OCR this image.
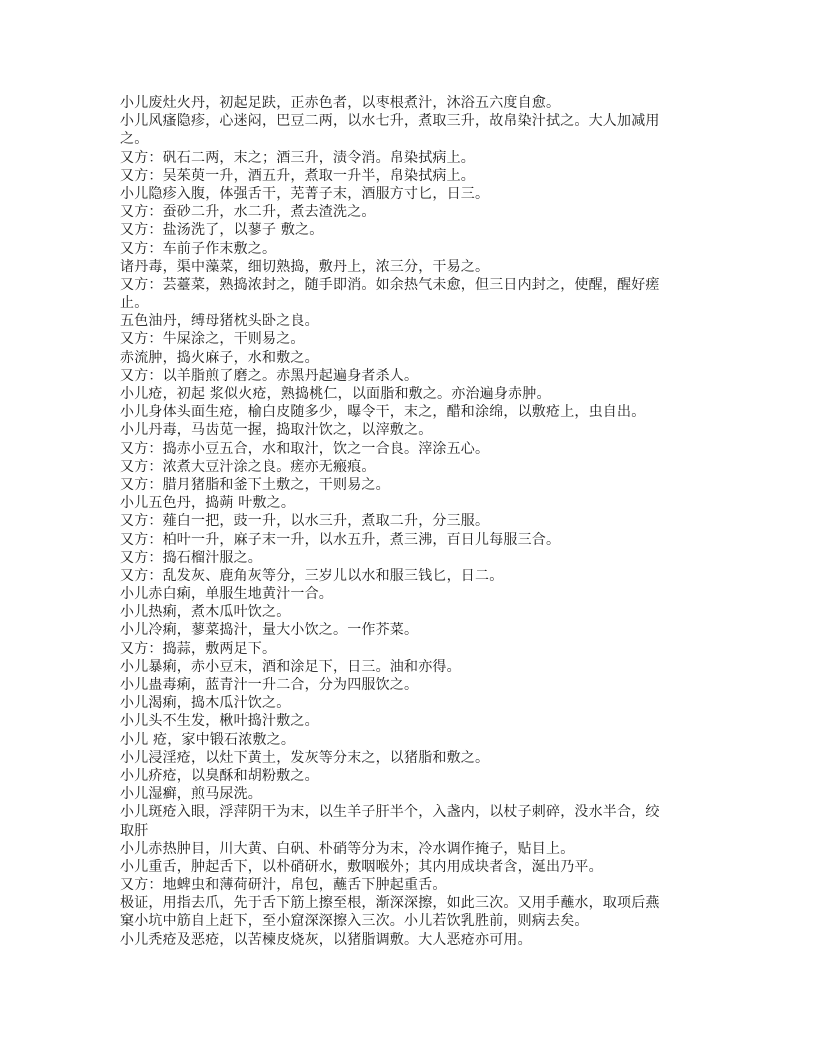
小儿废灶火丹，初起足趺，正赤色者，以枣根煮汁，沐浴五六度自愈。
小儿风瘙隐疹，心迷闷，巴豆二两，以水七升，煮取三升，故帛染汁拭之。大人加减用
之。
又方：矾石二两，末之；酒三升，渍令消。帛染拭病上。
又方：吴茱萸一升，酒五升，煮取一升半，帛染拭病上。
小儿隐疹入腹，体强舌干，芜菁子末，酒服方寸匕，日三。
又方：蚕砂二升，水二升，煮去渣洗之。
又方：盐汤洗了，以蓼子 敷之。
又方：车前子作末敷之。
诸丹毒，渠中藻菜，细切熟捣，敷丹上，浓三分，干易之。
又方：芸薹菜，熟捣浓封之，随手即消。如余热气未愈，但三日内封之，使醒，醒好瘥
止。
五色油丹，缚母猪枕头卧之良。
又方：牛屎涂之，干则易之。
赤流肿，捣火麻子，水和敷之。
又方：以羊脂煎了磨之。赤黑丹起遍身者杀人。
小儿疮，初起 浆似火疮，熟捣桃仁，以面脂和敷之。亦治遍身赤肿。
小儿身体头面生疮，榆白皮随多少，曝令干，末之，醋和涂绵，以敷疮上，虫自出。
小儿丹毒，马齿苋一握，捣取汁饮之，以滓敷之。
又方：捣赤小豆五合，水和取汁，饮之一合良。滓涂五心。
又方：浓煮大豆汁涂之良。瘥亦无瘢痕。
又方：腊月猪脂和釜下土敷之，干则易之。
小儿五色丹，捣蒴 叶敷之。
又方：薤白一把，豉一升，以水三升，煮取二升，分三服。
又方：柏叶一升，麻子末一升，以水五升，煮三沸，百日儿每服三合。
又方：捣石榴汁服之。
又方：乱发灰、鹿角灰等分，三岁儿以水和服三钱匕，日二。
小儿赤白痢，单服生地黄汁一合。
小儿热痢，煮木瓜叶饮之。
小儿冷痢，蓼菜捣汁，量大小饮之。一作芥菜。
又方：捣蒜，敷两足下。
小儿暴痢，赤小豆末，酒和涂足下，日三。油和亦得。
小儿蛊毒痢，蓝青汁一升二合，分为四服饮之。
小儿渴痢，捣木瓜汁饮之。
小儿头不生发，楸叶捣汁敷之。
小儿 疮，家中锻石浓敷之。
小儿浸淫疮，以灶下黄土，发灰等分末之，以猪脂和敷之。
小儿疥疮，以臭酥和胡粉敷之。
小儿湿癣，煎马尿洗。
小儿斑疮入眼，浮萍阴干为末，以生羊子肝半个，入盏内，以杖子刺碎，没水半合，绞
取肝
小儿赤热肿目，川大黄、白矾、朴硝等分为末，冷水调作掩子，贴目上。
小儿重舌，肿起舌下，以朴硝研水，敷咽喉外；其内用成块者含，涎出乃平。
又方：地蜱虫和薄荷研汁，帛包，蘸舌下肿起重舌。
极证，用指去爪，先于舌下筋上擦至根，渐深深擦，如此三次。又用手蘸水，取项后燕
窠小坑中筋自上赶下，至小窟深深擦入三次。小儿若饮乳胜前，则病去矣。
小儿秃疮及恶疮，以苦楝皮烧灰，以猪脂调敷。大人恶疮亦可用。
